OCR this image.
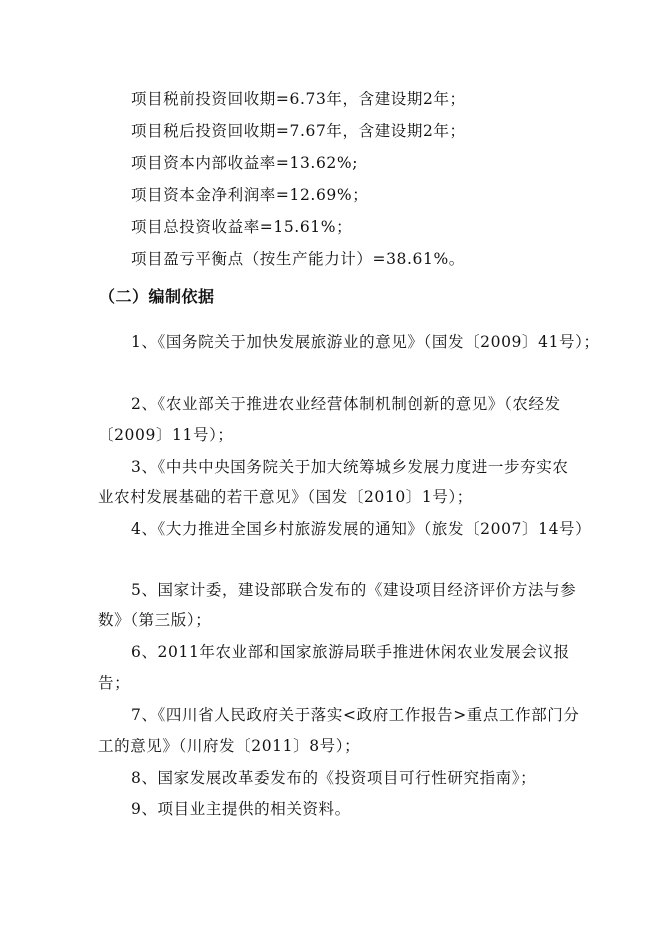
项目税前投资回收期=6.73年，含建设期2年；
项目税后投资回收期=7.67年，含建设期2年；
项目资本内部收益率=13.62%;
项目资本金净利润率=12.69%；
项目总投资收益率=15.61%；
项目盈亏平衡点（按生产能力计）=38.61%。
（二）编制依据
1、《国务院关于加快发展旅游业的意见》（国发〔2009〕41号）；
2、《农业部关于推进农业经营体制机制创新的意见》（农经发
〔2009〕11号）；
3、《中共中央国务院关于加大统筹城乡发展力度进一步夯实农
业农村发展基础的若干意见》（国发〔2010〕1号）；
4、《大力推进全国乡村旅游发展的通知》（旅发〔2007〕14号）
5、国家计委，建设部联合发布的《建设项目经济评价方法与参
数》（第三版）；
6、2011年农业部和国家旅游局联手推进休闲农业发展会议报
告；
7、《四川省人民政府关于落实<政府工作报告>重点工作部门分
工的意见》（川府发〔2011〕8号）；
8、国家发展改革委发布的《投资项目可行性研究指南》；
9、项目业主提供的相关资料。
